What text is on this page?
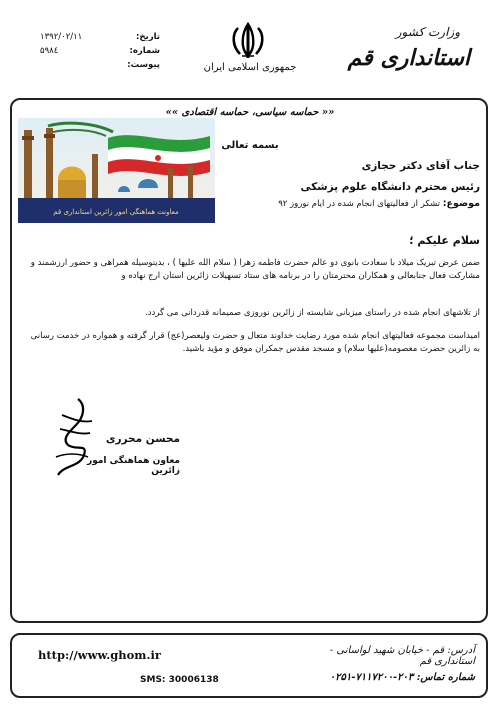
تاریخ:
۱۳۹۲/۰۲/۱۱
شماره:
۵۹۸٤
پیوست:	جمهوری اسلامی ایران
وزارت کشور
استانداری قم
«« حماسه سیاسی، حماسه اقتصادی »»
بسمه تعالی
معاونت هماهنگی امور زائرین استانداری قم
جناب آقای دکتر حجازی
رئیس محترم دانشگاه علوم پزشکی
موضوع: تشکر از فعالیتهای انجام شده در ایام نوروز ۹۲
سلام علیکم ؛
ضمن عرض تبریک میلاد با سعادت بانوی دو عالم حضرت فاطمه زهرا ( سلام الله علیها ) ، بدینوسیله همراهی و حضور ارزشمند و مشارکت فعال جنابعالی و همکاران محترمتان را در برنامه های ستاد تسهیلات زائرین استان ارج نهاده و
از تلاشهای انجام شده در راستای میزبانی شایسته از زائرین نوروزی صمیمانه قدردانی می گردد.
امیداست مجموعه فعالیتهای انجام شده مورد رضایت خداوند متعال و حضرت ولیعصر(عج) قرار گرفته و همواره در خدمت رسانی به زائرین حضرت معصومه(علیها سلام) و مسجد مقدس جمکران موفق و مؤید باشید.
محسن محرری
معاون هماهنگی امور زائرین
http://www.ghom.ir	آدرس: قم - خیابان شهید لواسانی - استانداری قم
شماره تماس: ۲۰۳-۷۱۱۷۲۰۰-۰۲۵۱
SMS: 30006138
